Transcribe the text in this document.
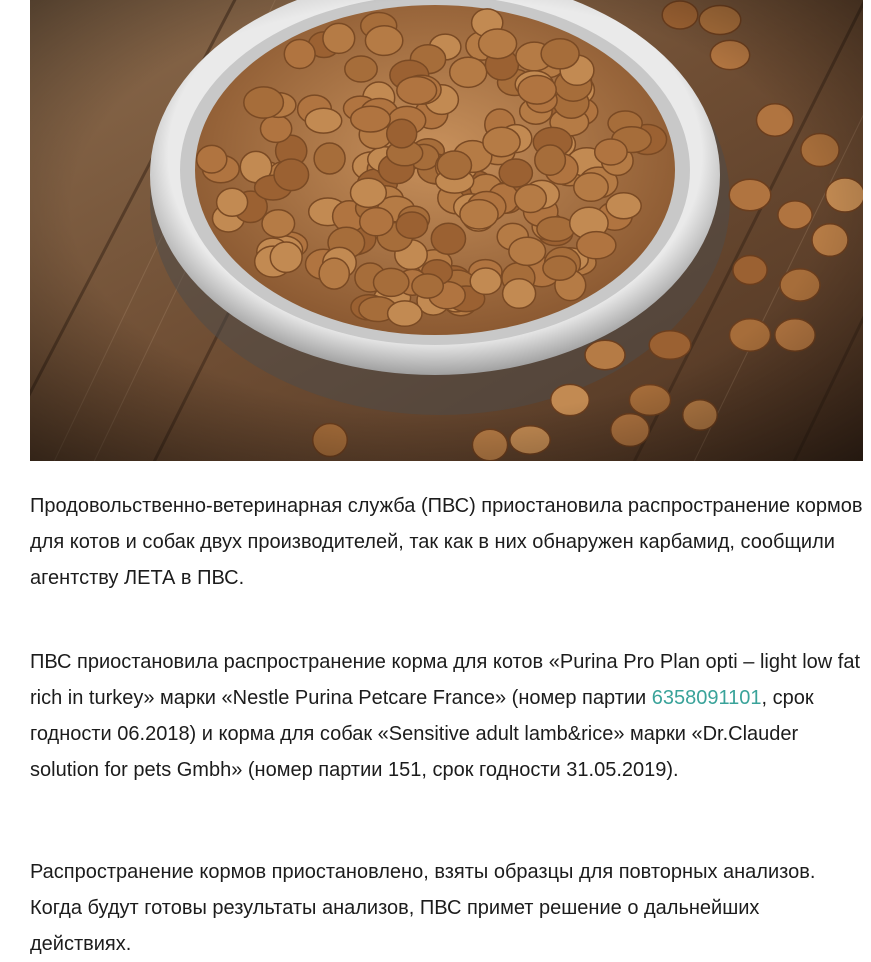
Продовольственно-ветеринарная служба (ПВС) приостановила распространение кормов для котов и собак двух производителей, так как в них обнаружен карбамид, сообщили агентству ЛЕТА в ПВС.

ПВС приостановила распространение корма для котов «Purina Pro Plan opti – light low fat rich in turkey» марки «Nestle Purina Petcare France» (номер партии 6358091101, срок годности 06.2018) и корма для собак «Sensitive adult lamb&rice» марки «Dr.Clauder solution for pets Gmbh» (номер партии 151, срок годности 31.05.2019).

Распространение кормов приостановлено, взяты образцы для повторных анализов. Когда будут готовы результаты анализов, ПВС примет решение о дальнейших действиях.
